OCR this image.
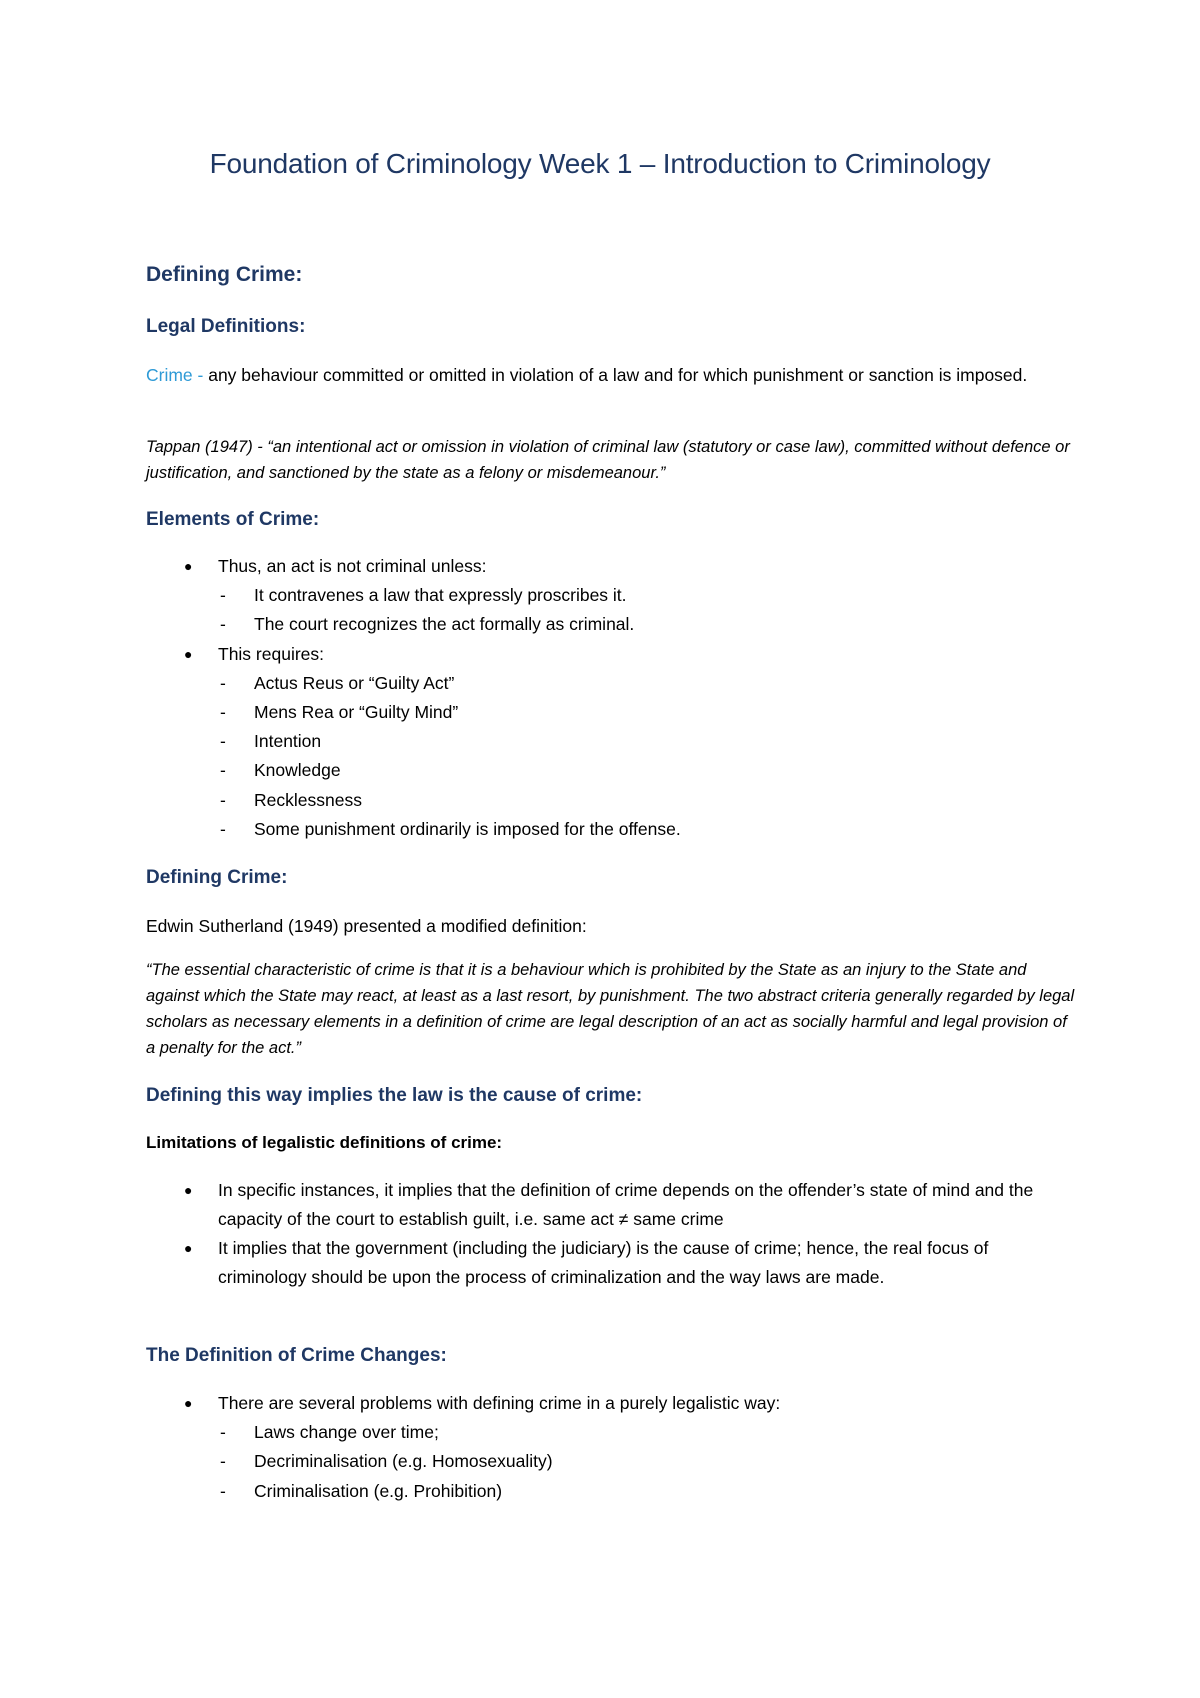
Foundation of Criminology Week 1 – Introduction to Criminology
Defining Crime:
Legal Definitions:
Crime - any behaviour committed or omitted in violation of a law and for which punishment or sanction is imposed.
Tappan (1947) - “an intentional act or omission in violation of criminal law (statutory or case law), committed without defence or justification, and sanctioned by the state as a felony or misdemeanour.”
Elements of Crime:
● Thus, an act is not criminal unless:
- It contravenes a law that expressly proscribes it.
- The court recognizes the act formally as criminal.
● This requires:
- Actus Reus or “Guilty Act”
- Mens Rea or “Guilty Mind”
- Intention
- Knowledge
- Recklessness
- Some punishment ordinarily is imposed for the offense.
Defining Crime:
Edwin Sutherland (1949) presented a modified definition:
“The essential characteristic of crime is that it is a behaviour which is prohibited by the State as an injury to the State and against which the State may react, at least as a last resort, by punishment. The two abstract criteria generally regarded by legal scholars as necessary elements in a definition of crime are legal description of an act as socially harmful and legal provision of a penalty for the act.”
Defining this way implies the law is the cause of crime:
Limitations of legalistic definitions of crime:
● In specific instances, it implies that the definition of crime depends on the offender’s state of mind and the capacity of the court to establish guilt, i.e. same act ≠ same crime
● It implies that the government (including the judiciary) is the cause of crime; hence, the real focus of criminology should be upon the process of criminalization and the way laws are made.
The Definition of Crime Changes:
● There are several problems with defining crime in a purely legalistic way:
- Laws change over time;
- Decriminalisation (e.g. Homosexuality)
- Criminalisation (e.g. Prohibition)
